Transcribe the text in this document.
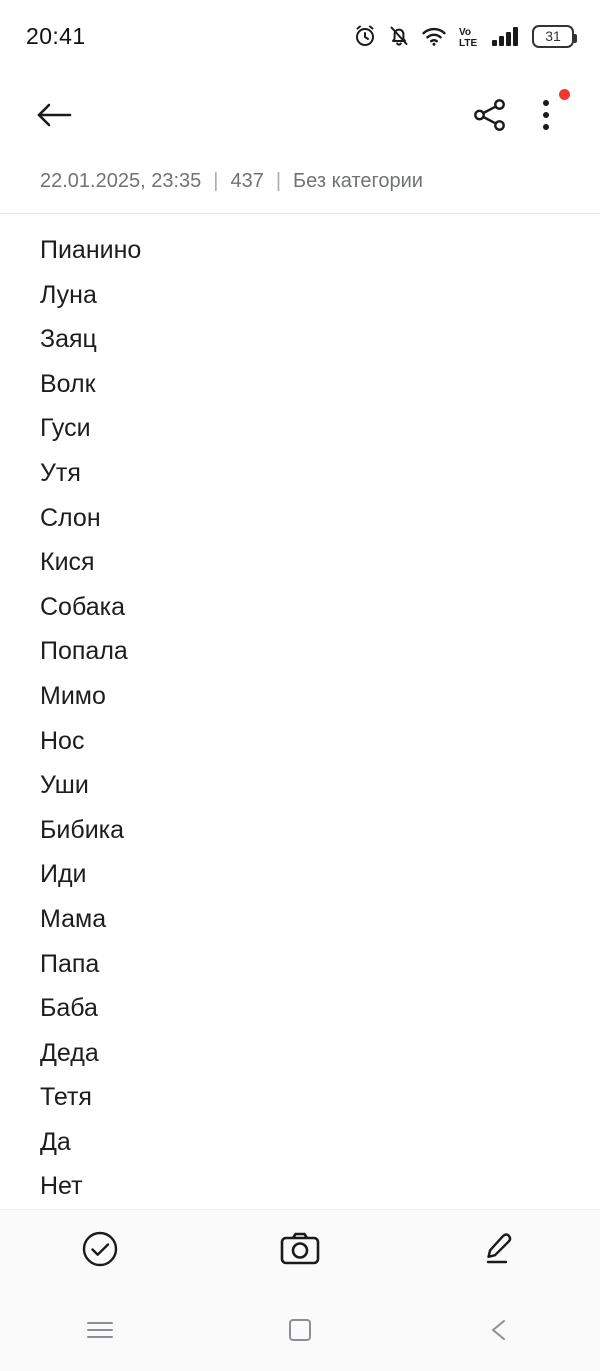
20:41	Vo
LTE	31
22.01.2025, 23:35 | 437 | Без категории
Пианино
Луна
Заяц
Волк
Гуси
Утя
Слон
Кися
Собака
Попала
Мимо
Нос
Уши
Бибика
Иди
Мама
Папа
Баба
Деда
Тетя
Да
Нет
